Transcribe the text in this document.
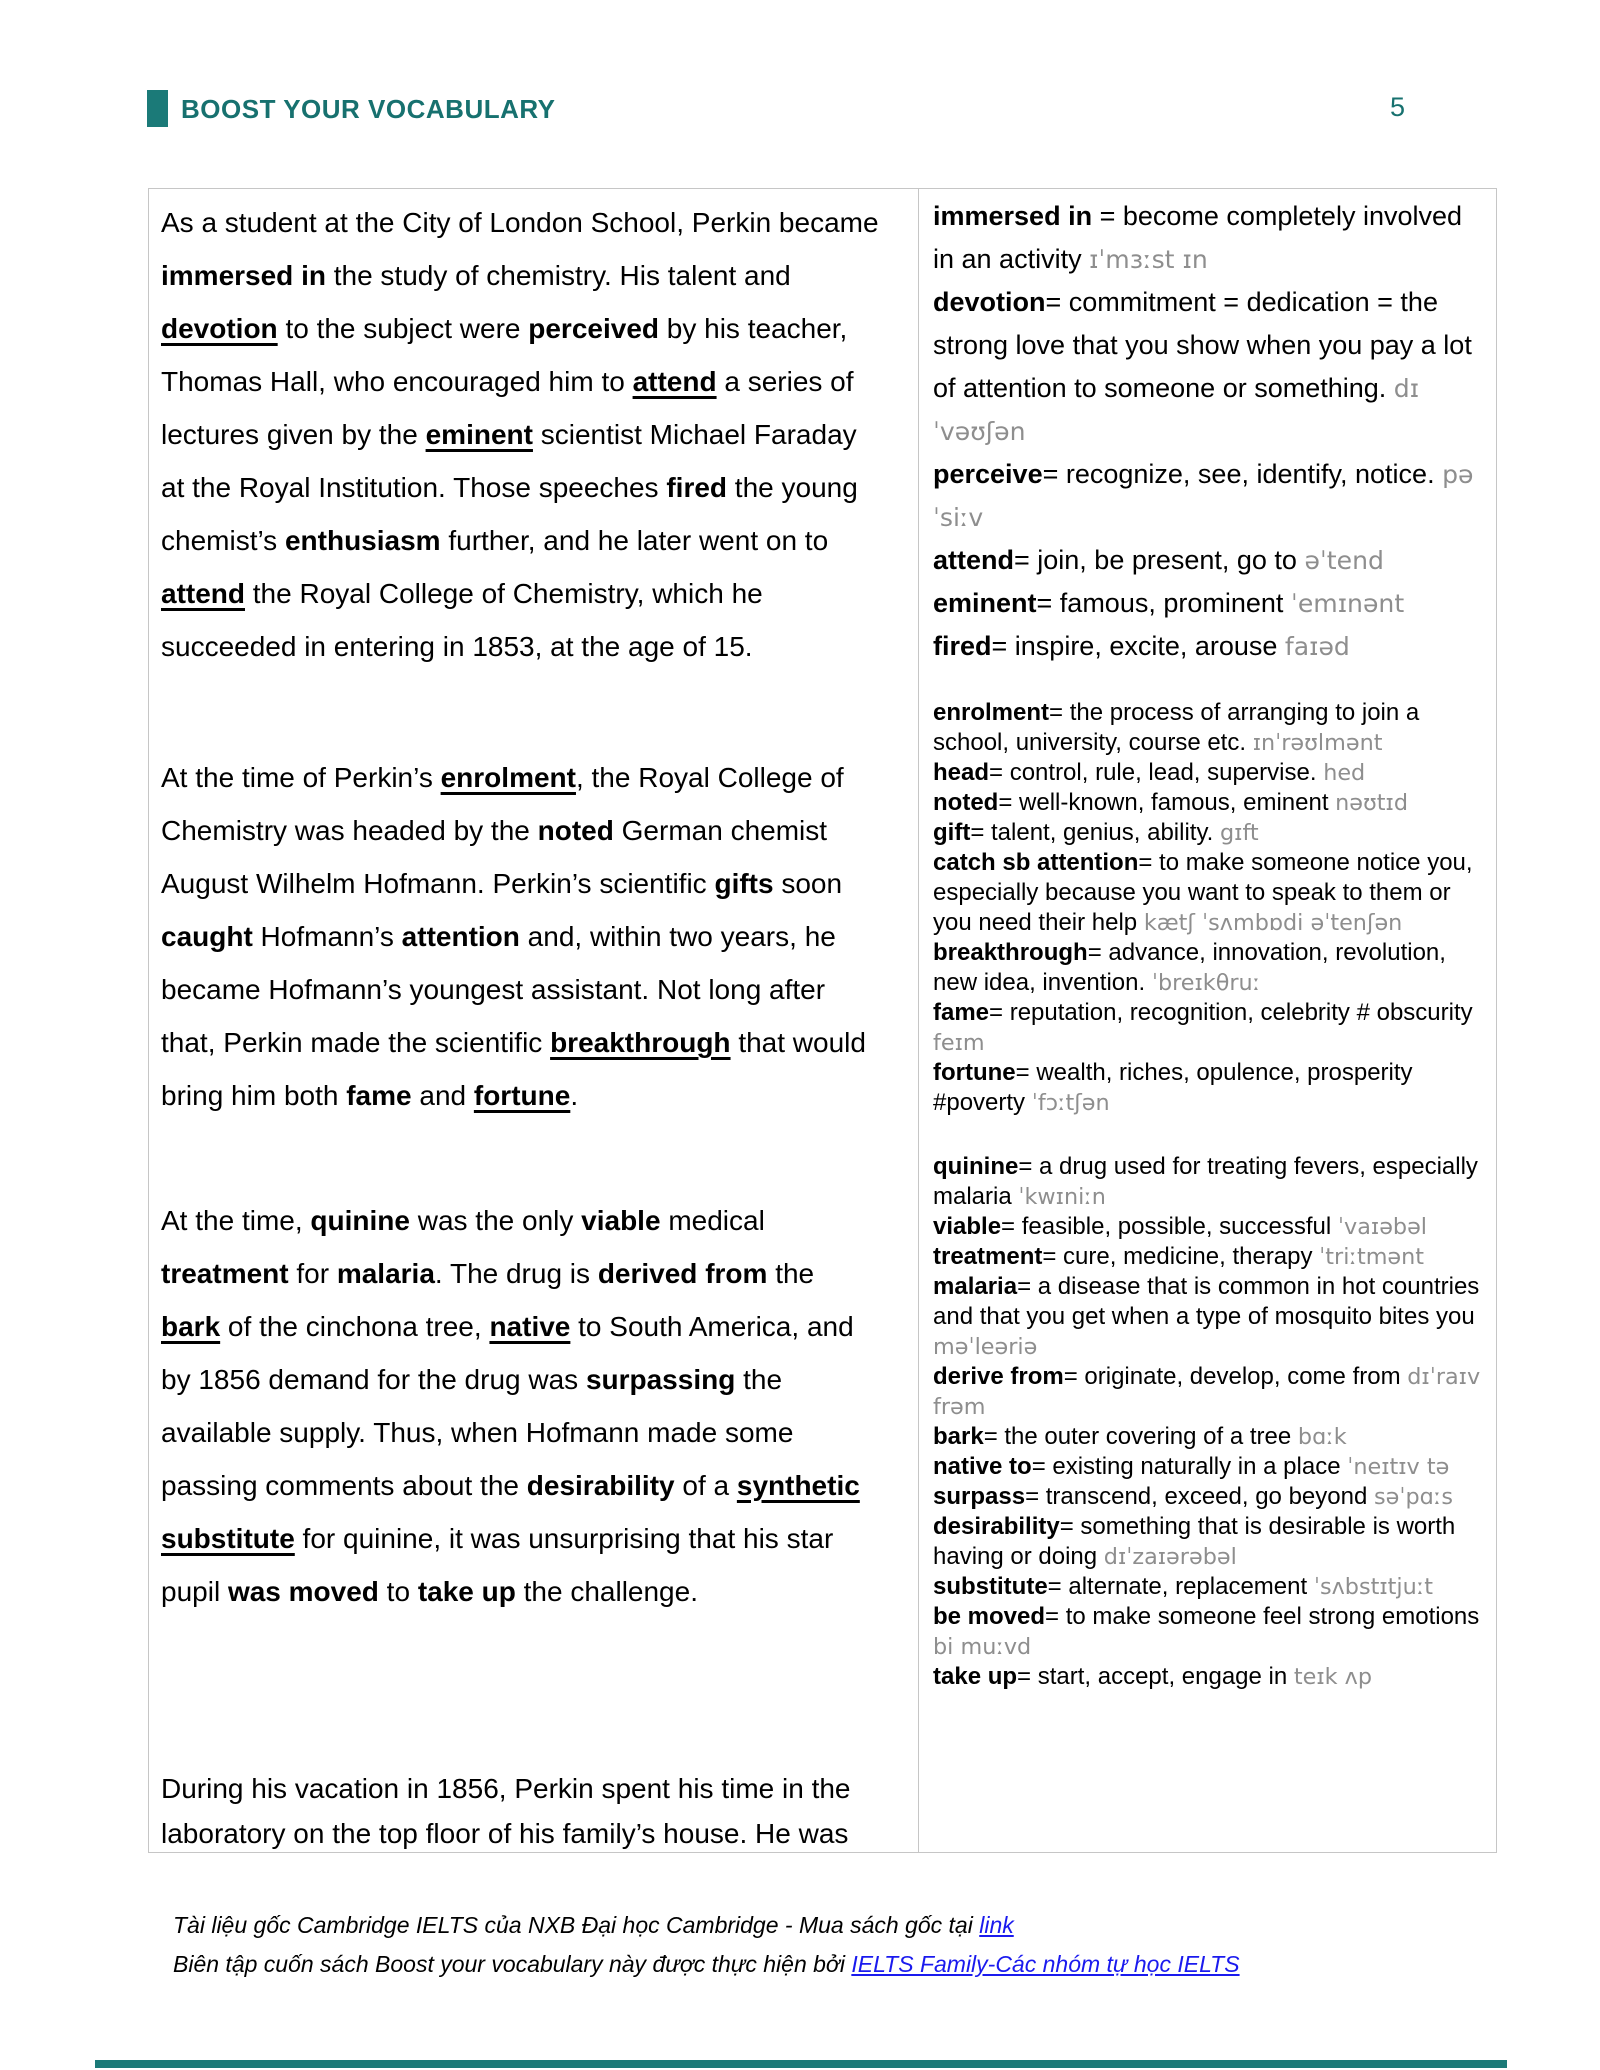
BOOST YOUR VOCABULARY	5

As a student at the City of London School, Perkin became immersed in the study of chemistry. His talent and devotion to the subject were perceived by his teacher, Thomas Hall, who encouraged him to attend a series of lectures given by the eminent scientist Michael Faraday at the Royal Institution. Those speeches fired the young chemist’s enthusiasm further, and he later went on to attend the Royal College of Chemistry, which he succeeded in entering in 1853, at the age of 15.

At the time of Perkin’s enrolment, the Royal College of Chemistry was headed by the noted German chemist August Wilhelm Hofmann. Perkin’s scientific gifts soon caught Hofmann’s attention and, within two years, he became Hofmann’s youngest assistant. Not long after that, Perkin made the scientific breakthrough that would bring him both fame and fortune.

At the time, quinine was the only viable medical treatment for malaria. The drug is derived from the bark of the cinchona tree, native to South America, and by 1856 demand for the drug was surpassing the available supply. Thus, when Hofmann made some passing comments about the desirability of a synthetic substitute for quinine, it was unsurprising that his star pupil was moved to take up the challenge.

During his vacation in 1856, Perkin spent his time in the laboratory on the top floor of his family’s house. He was

immersed in = become completely involved in an activity ɪˈmɜːst ɪn

devotion= commitment = dedication = the strong love that you show when you pay a lot of attention to someone or something. dɪˈvəʊʃən

perceive= recognize, see, identify, notice. pəˈsiːv

attend= join, be present, go to əˈtend

eminent= famous, prominent ˈemɪnənt

fired= inspire, excite, arouse faɪəd

enrolment= the process of arranging to join a school, university, course etc. ɪnˈrəʊlmənt

head= control, rule, lead, supervise. hed

noted= well-known, famous, eminent nəʊtɪd

gift= talent, genius, ability. gɪft

catch sb attention= to make someone notice you, especially because you want to speak to them or you need their help kætʃ ˈsʌmbɒdi əˈtenʃən

breakthrough= advance, innovation, revolution, new idea, invention. ˈbreɪkθruː

fame= reputation, recognition, celebrity # obscurity feɪm

fortune= wealth, riches, opulence, prosperity #poverty ˈfɔːtʃən

quinine= a drug used for treating fevers, especially malaria ˈkwɪniːn

viable= feasible, possible, successful ˈvaɪəbəl

treatment= cure, medicine, therapy ˈtriːtmənt

malaria= a disease that is common in hot countries and that you get when a type of mosquito bites you məˈleəriə

derive from= originate, develop, come from dɪˈraɪv frəm

bark= the outer covering of a tree bɑːk

native to= existing naturally in a place ˈneɪtɪv tə

surpass= transcend, exceed, go beyond səˈpɑːs

desirability= something that is desirable is worth having or doing dɪˈzaɪərəbəl

substitute= alternate, replacement ˈsʌbstɪtjuːt

be moved= to make someone feel strong emotions bi muːvd

take up= start, accept, engage in teɪk ʌp

Tài liệu gốc Cambridge IELTS của NXB Đại học Cambridge - Mua sách gốc tại link

Biên tập cuốn sách Boost your vocabulary này được thực hiện bởi IELTS Family-Các nhóm tự học IELTS
